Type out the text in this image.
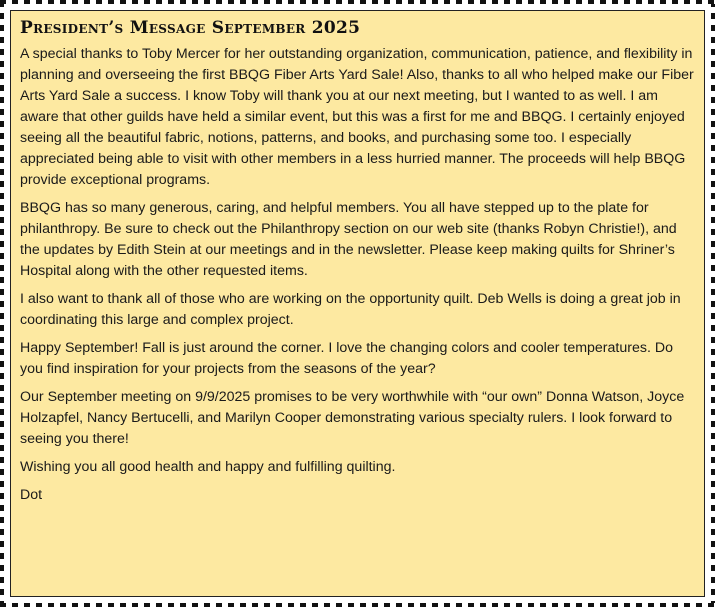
President’s Message September 2025

A special thanks to Toby Mercer for her outstanding organization, communication, patience, and flexibility in planning and overseeing the first BBQG Fiber Arts Yard Sale! Also, thanks to all who helped make our Fiber Arts Yard Sale a success. I know Toby will thank you at our next meeting, but I wanted to as well. I am aware that other guilds have held a similar event, but this was a first for me and BBQG. I certainly enjoyed seeing all the beautiful fabric, notions, patterns, and books, and purchasing some too. I especially appreciated being able to visit with other members in a less hurried manner. The proceeds will help BBQG provide exceptional programs.

BBQG has so many generous, caring, and helpful members. You all have stepped up to the plate for philanthropy. Be sure to check out the Philanthropy section on our web site (thanks Robyn Christie!), and the updates by Edith Stein at our meetings and in the newsletter. Please keep making quilts for Shriner’s Hospital along with the other requested items.

I also want to thank all of those who are working on the opportunity quilt. Deb Wells is doing a great job in coordinating this large and complex project.

Happy September! Fall is just around the corner. I love the changing colors and cooler temperatures. Do you find inspiration for your projects from the seasons of the year?

Our September meeting on 9/9/2025 promises to be very worthwhile with “our own” Donna Watson, Joyce Holzapfel, Nancy Bertucelli, and Marilyn Cooper demonstrating various specialty rulers. I look forward to seeing you there!

Wishing you all good health and happy and fulfilling quilting.

Dot
